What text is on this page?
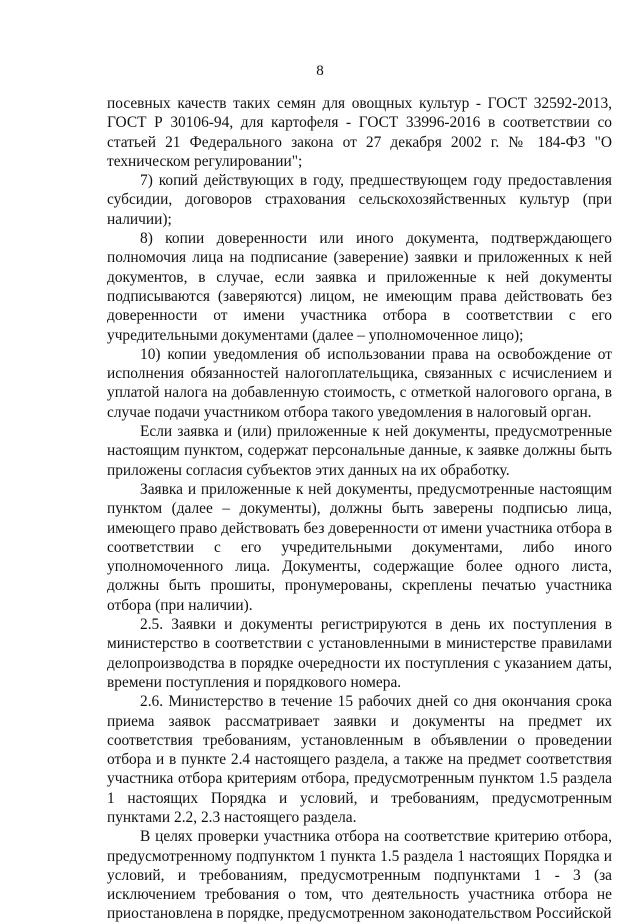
8

посевных качеств таких семян для овощных культур - ГОСТ 32592-2013, ГОСТ Р 30106-94, для картофеля - ГОСТ 33996-2016 в соответствии со статьей 21 Федерального закона от 27 декабря 2002 г. № 184-ФЗ "О техническом регулировании";

7) копий действующих в году, предшествующем году предоставления субсидии, договоров страхования сельскохозяйственных культур (при наличии);

8) копии доверенности или иного документа, подтверждающего полномочия лица на подписание (заверение) заявки и приложенных к ней документов, в случае, если заявка и приложенные к ней документы подписываются (заверяются) лицом, не имеющим права действовать без доверенности от имени участника отбора в соответствии с его учредительными документами (далее – уполномоченное лицо);

10) копии уведомления об использовании права на освобождение от исполнения обязанностей налогоплательщика, связанных с исчислением и уплатой налога на добавленную стоимость, с отметкой налогового органа, в случае подачи участником отбора такого уведомления в налоговый орган.

Если заявка и (или) приложенные к ней документы, предусмотренные настоящим пунктом, содержат персональные данные, к заявке должны быть приложены согласия субъектов этих данных на их обработку.

Заявка и приложенные к ней документы, предусмотренные настоящим пунктом (далее – документы), должны быть заверены подписью лица, имеющего право действовать без доверенности от имени участника отбора в соответствии с его учредительными документами, либо иного уполномоченного лица. Документы, содержащие более одного листа, должны быть прошиты, пронумерованы, скреплены печатью участника отбора (при наличии).

2.5. Заявки и документы регистрируются в день их поступления в министерство в соответствии с установленными в министерстве правилами делопроизводства в порядке очередности их поступления с указанием даты, времени поступления и порядкового номера.

2.6. Министерство в течение 15 рабочих дней со дня окончания срока приема заявок рассматривает заявки и документы на предмет их соответствия требованиям, установленным в объявлении о проведении отбора и в пункте 2.4 настоящего раздела, а также на предмет соответствия участника отбора критериям отбора, предусмотренным пунктом 1.5 раздела 1 настоящих Порядка и условий, и требованиям, предусмотренным пунктами 2.2, 2.3 настоящего раздела.

В целях проверки участника отбора на соответствие критерию отбора, предусмотренному подпунктом 1 пункта 1.5 раздела 1 настоящих Порядка и условий, и требованиям, предусмотренным подпунктами 1 - 3 (за исключением требования о том, что деятельность участника отбора не приостановлена в порядке, предусмотренном законодательством Российской
